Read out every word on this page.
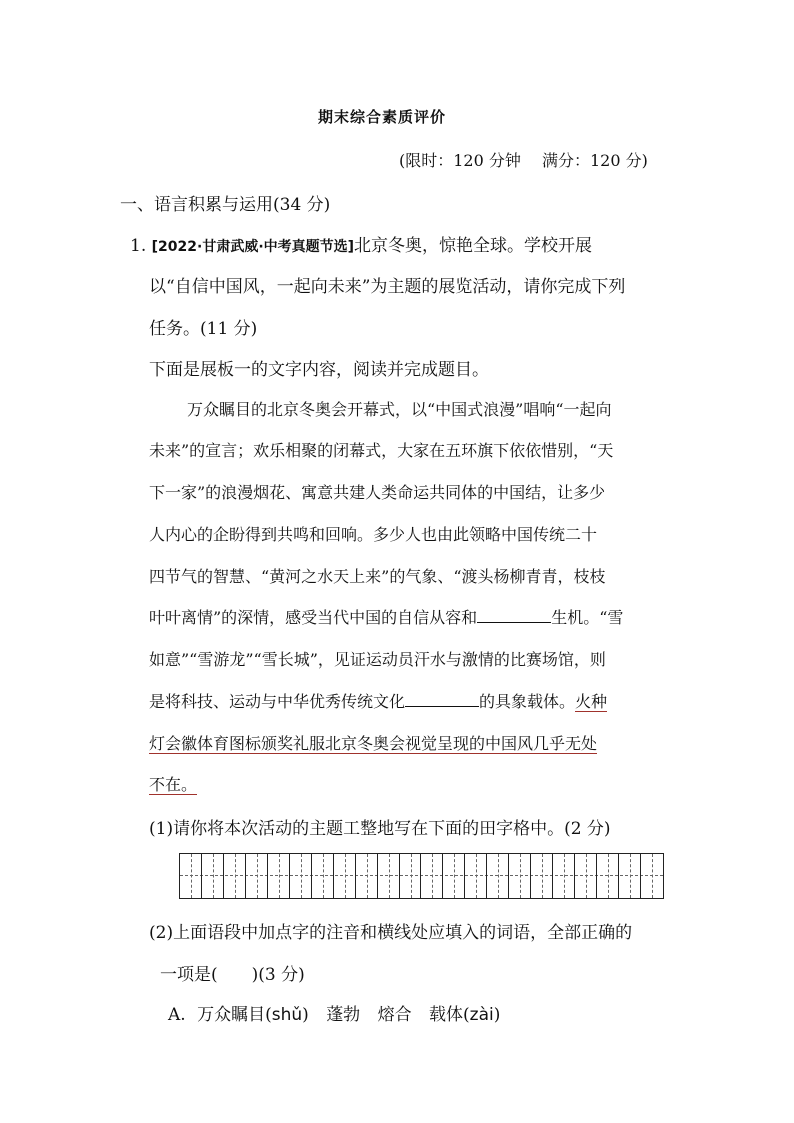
期末综合素质评价
(限时：120 分钟　 满分：120 分)
一、语言积累与运用(34 分)
1. [2022·甘肃武威·中考真题节选]北京冬奥，惊艳全球。学校开展
以“自信中国风，一起向未来”为主题的展览活动，请你完成下列
任务。(11 分)
下面是展板一的文字内容，阅读并完成题目。
万众瞩目的北京冬奥会开幕式，以“中国式浪漫”唱响“一起向
未来”的宣言；欢乐相聚的闭幕式，大家在五环旗下依依惜别，“天
下一家”的浪漫烟花、寓意共建人类命运共同体的中国结，让多少
人内心的企盼得到共鸣和回响。多少人也由此领略中国传统二十
四节气的智慧、“黄河之水天上来”的气象、“渡头杨柳青青，枝枝
叶叶离情”的深情，感受当代中国的自信从容和	生机。“雪
如意”“雪游龙”“雪长城”，见证运动员汗水与激情的比赛场馆，则
是将科技、运动与中华优秀传统文化	的具象载体。火种
灯会徽体育图标颁奖礼服北京冬奥会视觉呈现的中国风几乎无处
不在。
(1)请你将本次活动的主题工整地写在下面的田字格中。(2 分)
(2)上面语段中加点字的注音和横线处应填入的词语，全部正确的
一项是(　　)(3 分)
A. 万众瞩目(shǔ) 蓬勃 熔合 载体(zài)
